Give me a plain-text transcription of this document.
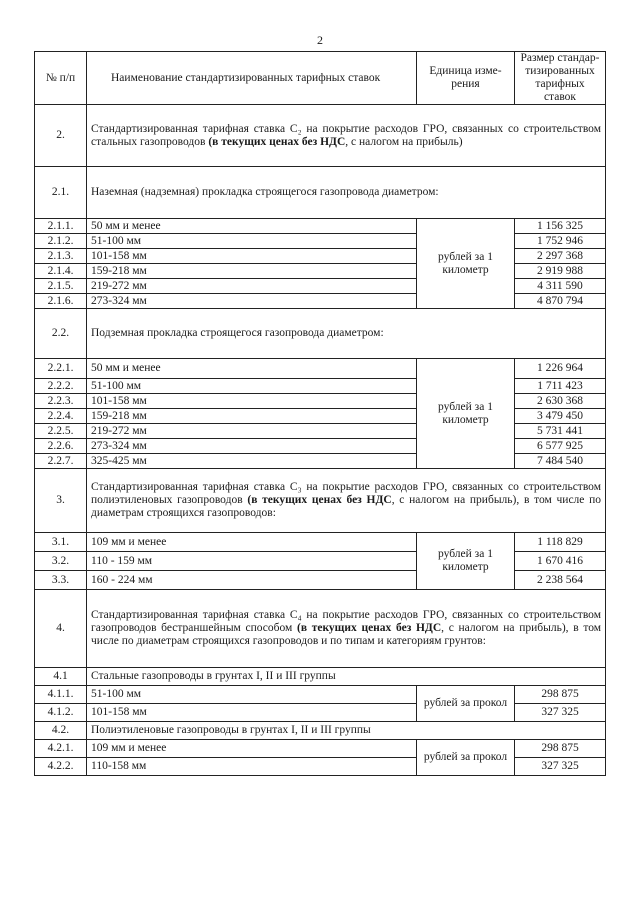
2
№ п/п	Наименование стандартизированных тарифных ставок	Единица изме-рения	Размер стандар-тизированных тарифных ставок
2.	Стандартизированная тарифная ставка C₂ на покрытие расходов ГРО, связанных со строительством стальных газопроводов (в текущих ценах без НДС, с налогом на прибыль)		
2.1.	Наземная (надземная) прокладка строящегося газопровода диаметром:		
2.1.1.	50 мм и менее	рублей за 1 километр	1 156 325
2.1.2.	51-100 мм		1 752 946
2.1.3.	101-158 мм		2 297 368
2.1.4.	159-218 мм		2 919 988
2.1.5.	219-272 мм		4 311 590
2.1.6.	273-324 мм		4 870 794
2.2.	Подземная прокладка строящегося газопровода диаметром:		
2.2.1.	50 мм и менее	рублей за 1 километр	1 226 964
2.2.2.	51-100 мм		1 711 423
2.2.3.	101-158 мм		2 630 368
2.2.4.	159-218 мм		3 479 450
2.2.5.	219-272 мм		5 731 441
2.2.6.	273-324 мм		6 577 925
2.2.7.	325-425 мм		7 484 540
3.	Стандартизированная тарифная ставка C₃ на покрытие расходов ГРО, связанных со строительством полиэтиленовых газопроводов (в текущих ценах без НДС, с налогом на прибыль), в том числе по диаметрам строящихся газопроводов:		
3.1.	109 мм и менее	рублей за 1 километр	1 118 829
3.2.	110 - 159 мм		1 670 416
3.3.	160 - 224 мм		2 238 564
4.	Стандартизированная тарифная ставка C₄ на покрытие расходов ГРО, связанных со строительством газопроводов бестраншейным способом (в текущих ценах без НДС, с налогом на прибыль), в том числе по диаметрам строящихся газопроводов и по типам и категориям грунтов:		
4.1	Стальные газопроводы в грунтах I, II и III группы		
4.1.1.	51-100 мм	рублей за прокол	298 875
4.1.2.	101-158 мм		327 325
4.2.	Полиэтиленовые газопроводы в грунтах I, II и III группы		
4.2.1.	109 мм и менее	рублей за прокол	298 875
4.2.2.	110-158 мм		327 325
